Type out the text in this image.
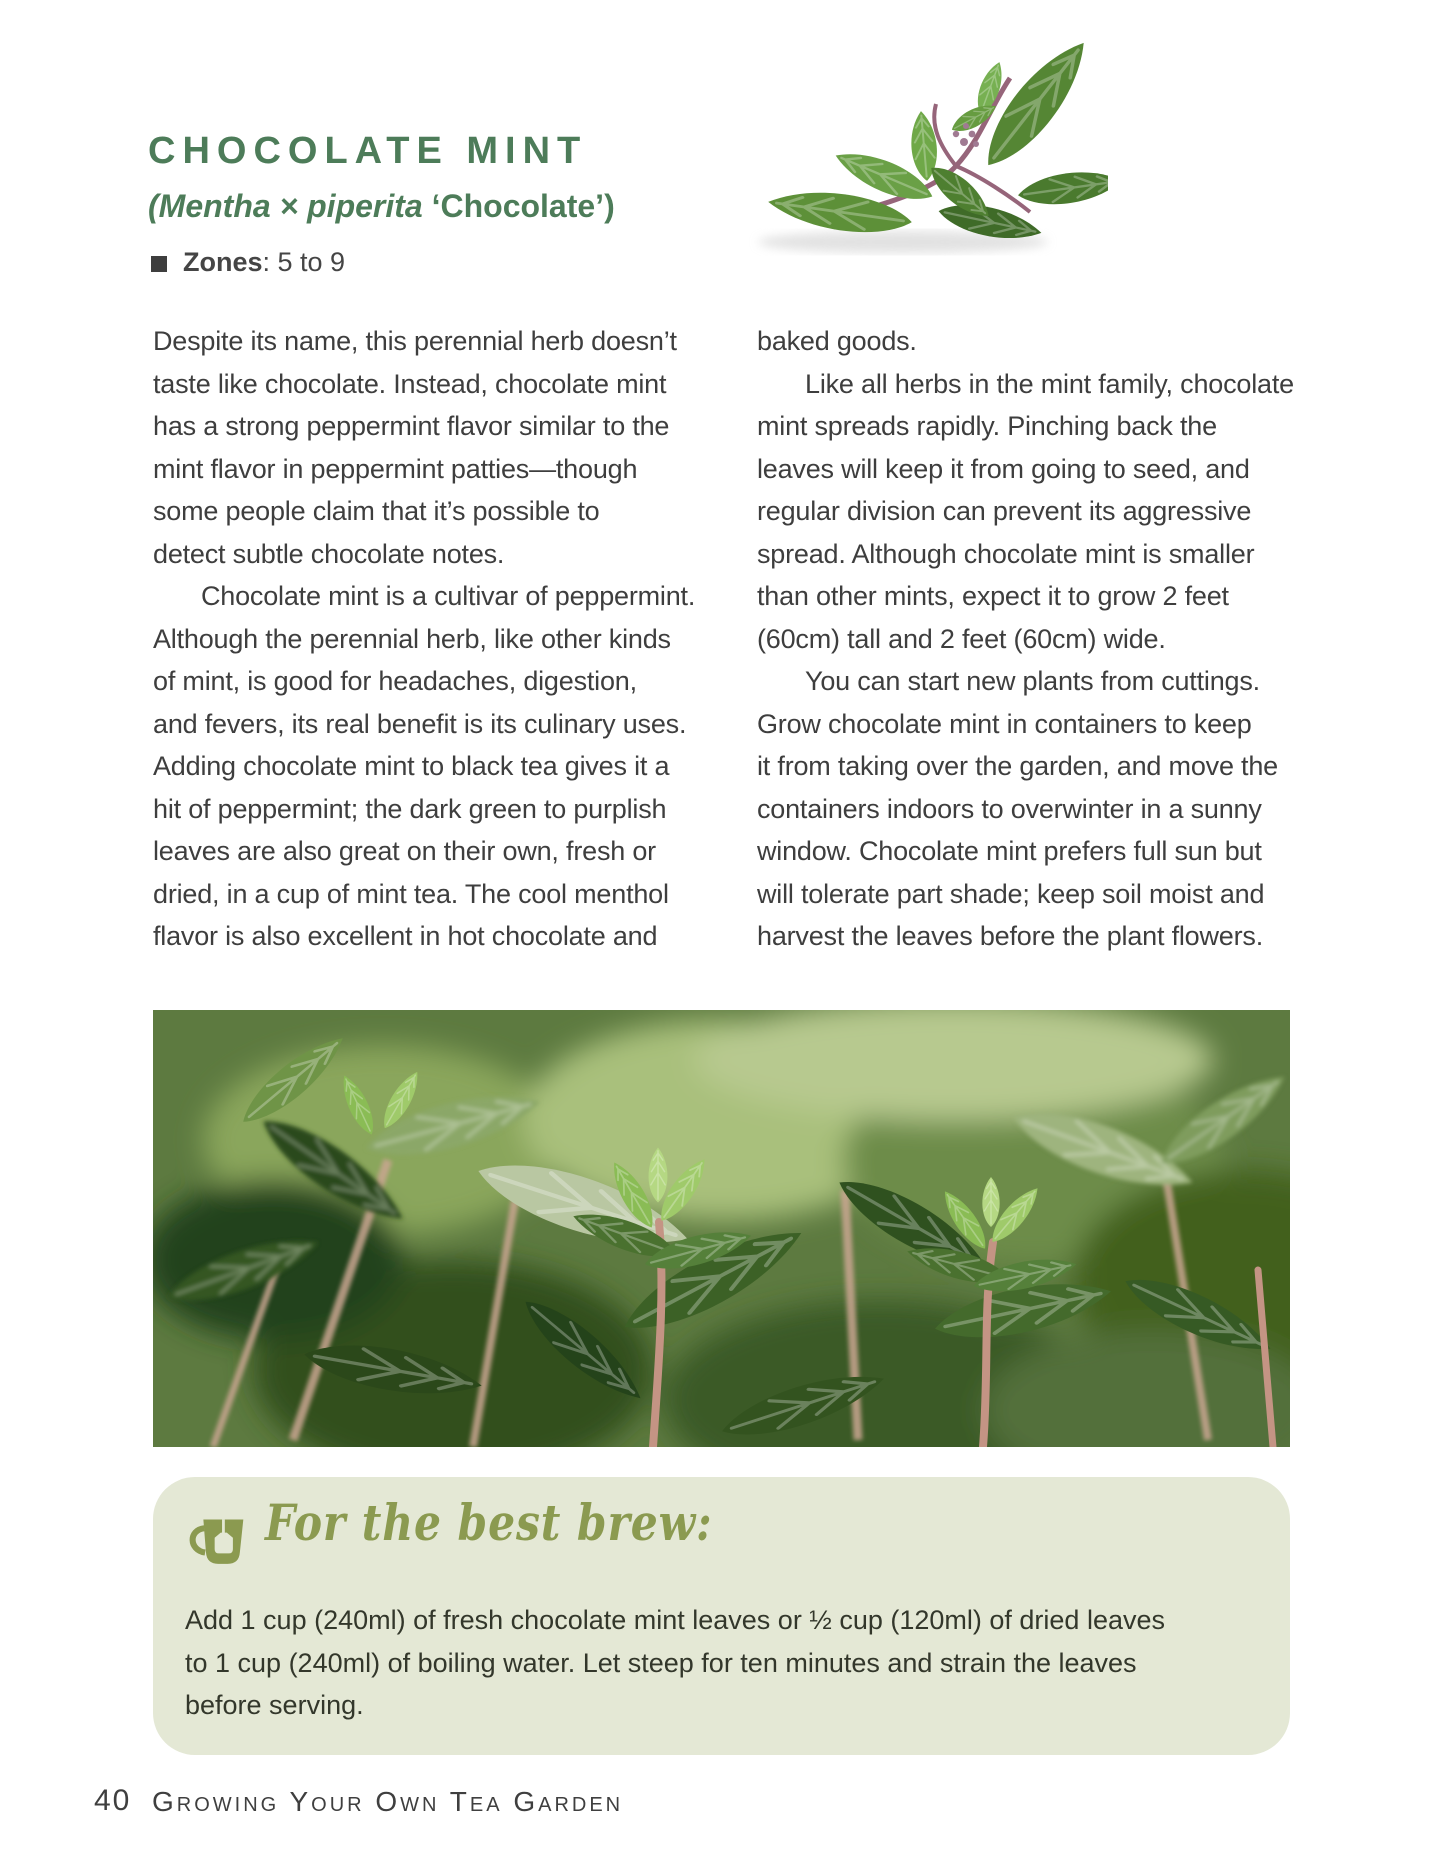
CHOCOLATE MINT
(Mentha × piperita ‘Chocolate’)
Zones: 5 to 9
Despite its name, this perennial herb doesn’t
taste like chocolate. Instead, chocolate mint
has a strong peppermint flavor similar to the
mint flavor in peppermint patties—though
some people claim that it’s possible to
detect subtle chocolate notes.
Chocolate mint is a cultivar of peppermint.
Although the perennial herb, like other kinds
of mint, is good for headaches, digestion,
and fevers, its real benefit is its culinary uses.
Adding chocolate mint to black tea gives it a
hit of peppermint; the dark green to purplish
leaves are also great on their own, fresh or
dried, in a cup of mint tea. The cool menthol
flavor is also excellent in hot chocolate and
baked goods.
Like all herbs in the mint family, chocolate
mint spreads rapidly. Pinching back the
leaves will keep it from going to seed, and
regular division can prevent its aggressive
spread. Although chocolate mint is smaller
than other mints, expect it to grow 2 feet
(60cm) tall and 2 feet (60cm) wide.
You can start new plants from cuttings.
Grow chocolate mint in containers to keep
it from taking over the garden, and move the
containers indoors to overwinter in a sunny
window. Chocolate mint prefers full sun but
will tolerate part shade; keep soil moist and
harvest the leaves before the plant flowers.
For the best brew:
Add 1 cup (240ml) of fresh chocolate mint leaves or ½ cup (120ml) of dried leaves
to 1 cup (240ml) of boiling water. Let steep for ten minutes and strain the leaves
before serving.
40 Growing Your Own Tea Garden
